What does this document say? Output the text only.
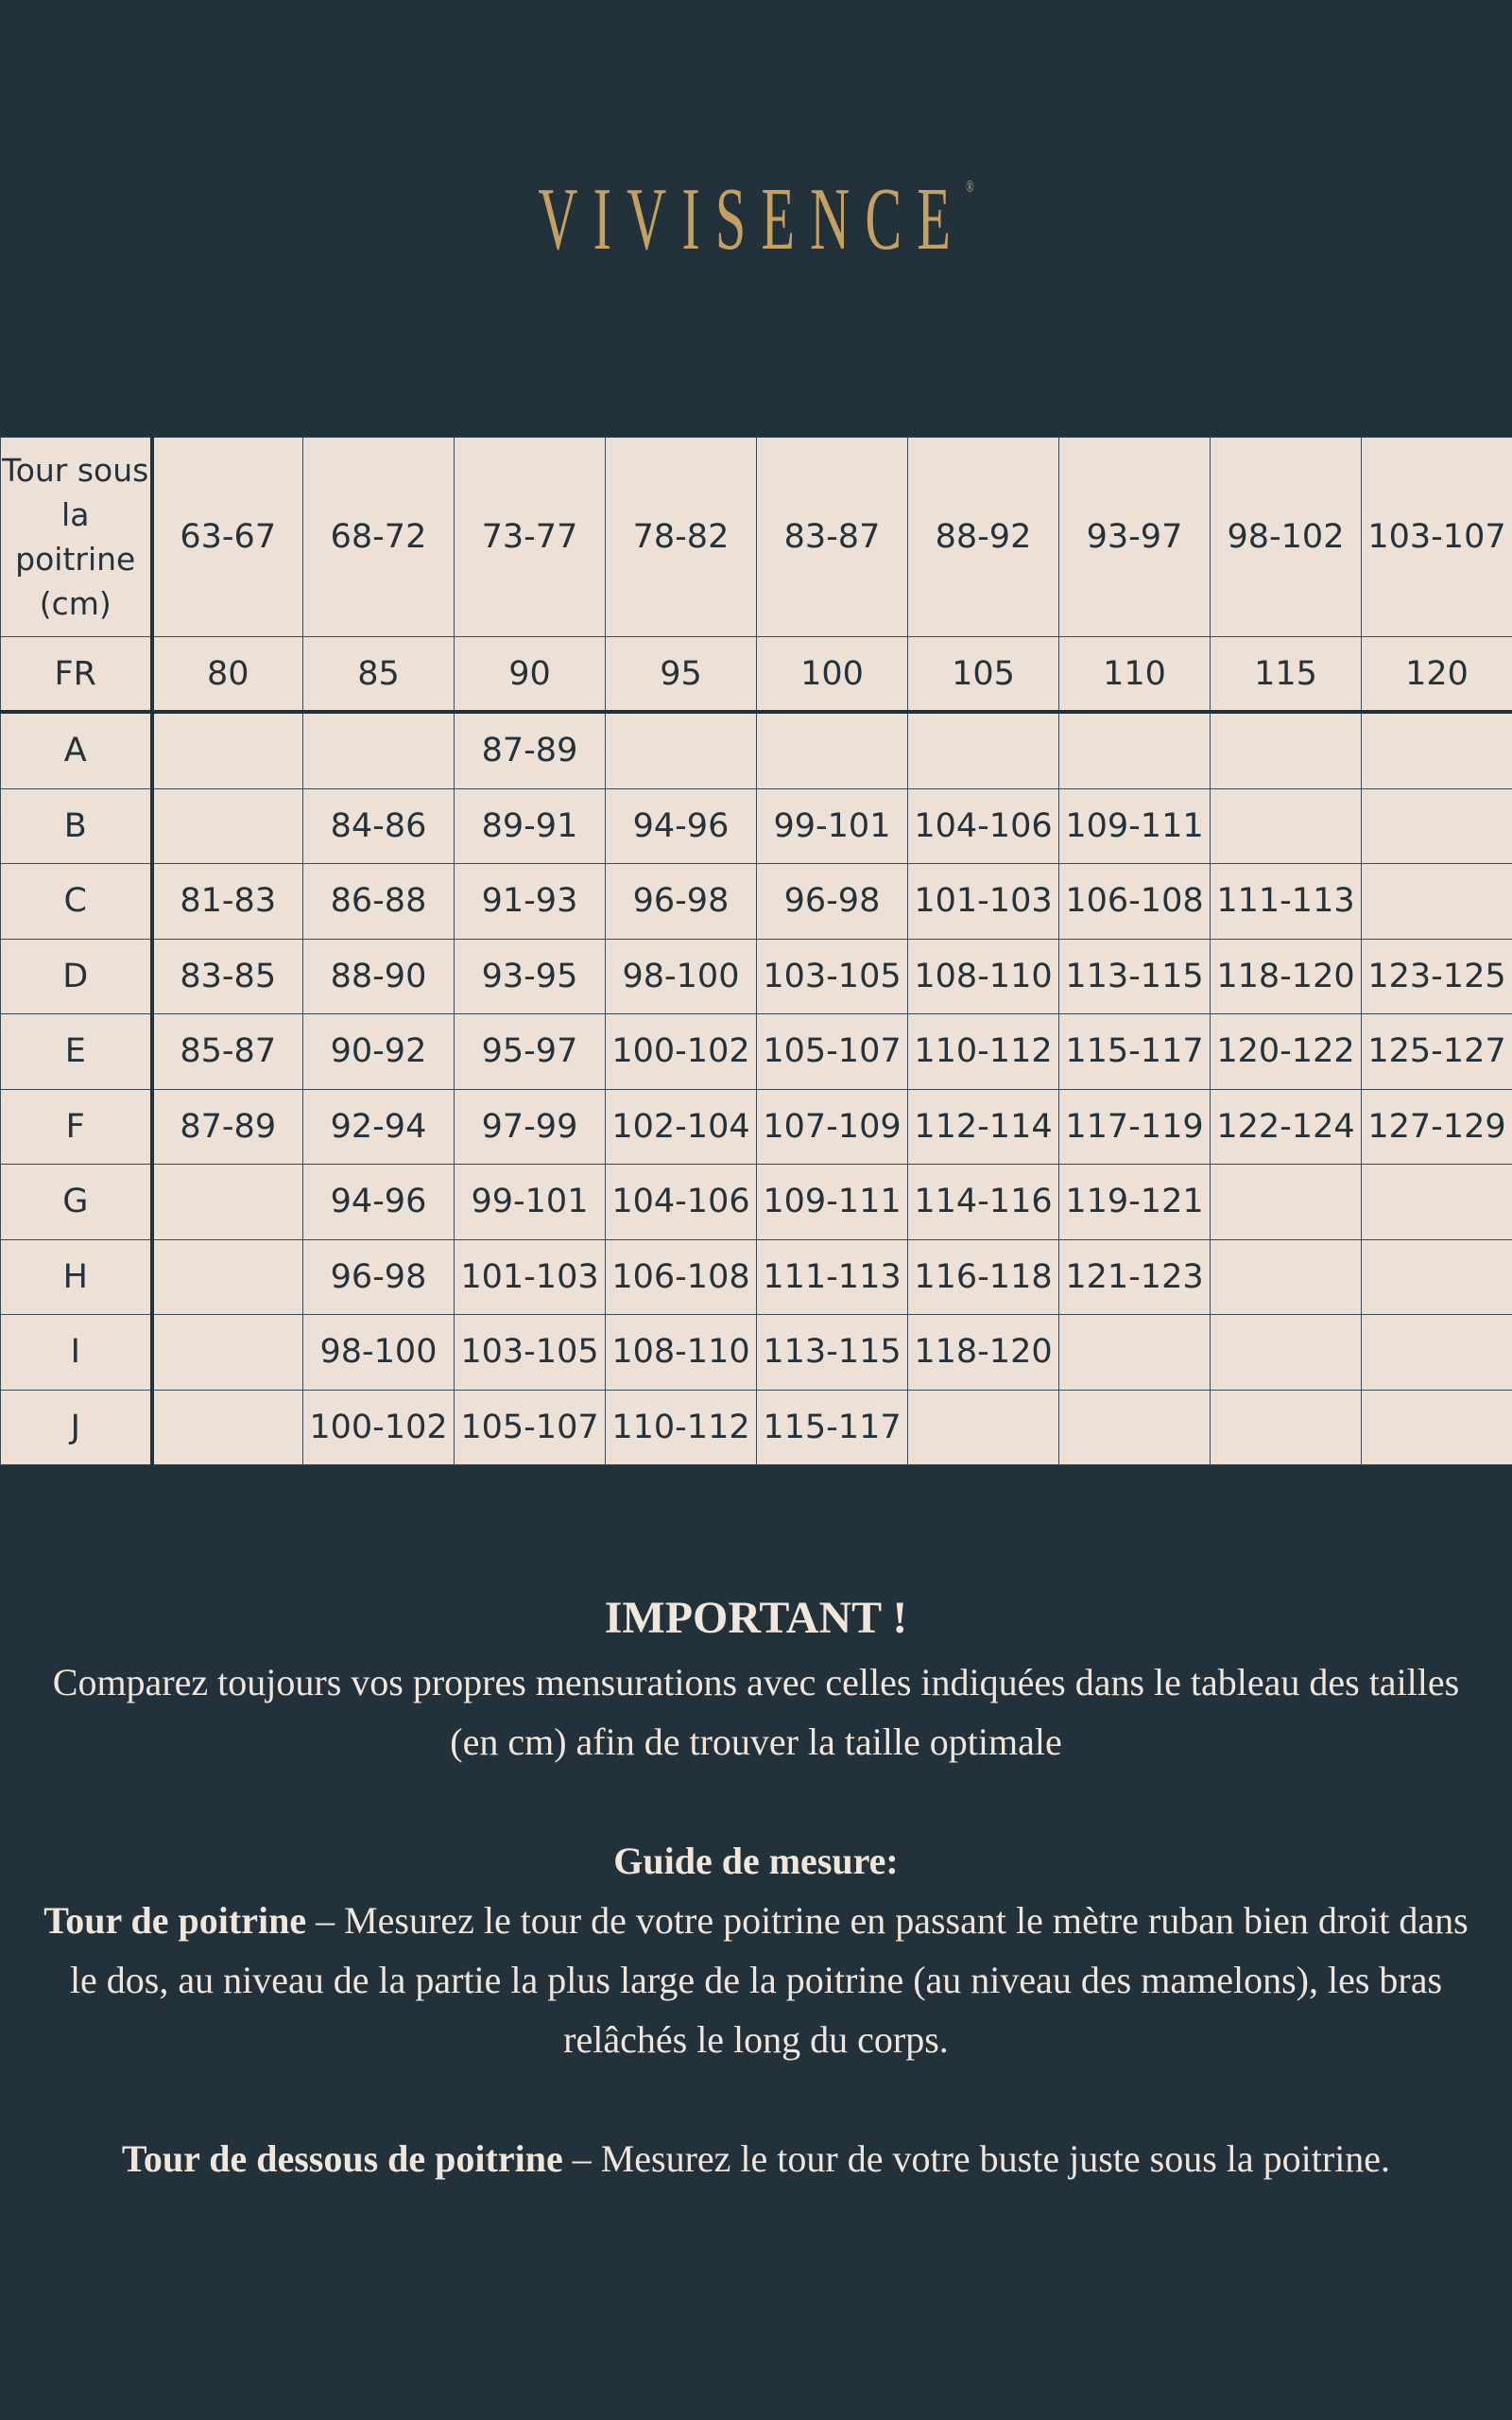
VIVISENCE®
Tour sous la poitrine (cm)	63-67	68-72	73-77	78-82	83-87	88-92	93-97	98-102	103-107
FR	80	85	90	95	100	105	110	115	120
A			87-89						
B		84-86	89-91	94-96	99-101	104-106	109-111		
C	81-83	86-88	91-93	96-98	96-98	101-103	106-108	111-113	
D	83-85	88-90	93-95	98-100	103-105	108-110	113-115	118-120	123-125
E	85-87	90-92	95-97	100-102	105-107	110-112	115-117	120-122	125-127
F	87-89	92-94	97-99	102-104	107-109	112-114	117-119	122-124	127-129
G		94-96	99-101	104-106	109-111	114-116	119-121		
H		96-98	101-103	106-108	111-113	116-118	121-123		
I		98-100	103-105	108-110	113-115	118-120			
J		100-102	105-107	110-112	115-117				
IMPORTANT !

Comparez toujours vos propres mensurations avec celles indiquées dans le tableau des tailles (en cm) afin de trouver la taille optimale

Guide de mesure:

Tour de poitrine – Mesurez le tour de votre poitrine en passant le mètre ruban bien droit dans le dos, au niveau de la partie la plus large de la poitrine (au niveau des mamelons), les bras relâchés le long du corps.

Tour de dessous de poitrine – Mesurez le tour de votre buste juste sous la poitrine.
